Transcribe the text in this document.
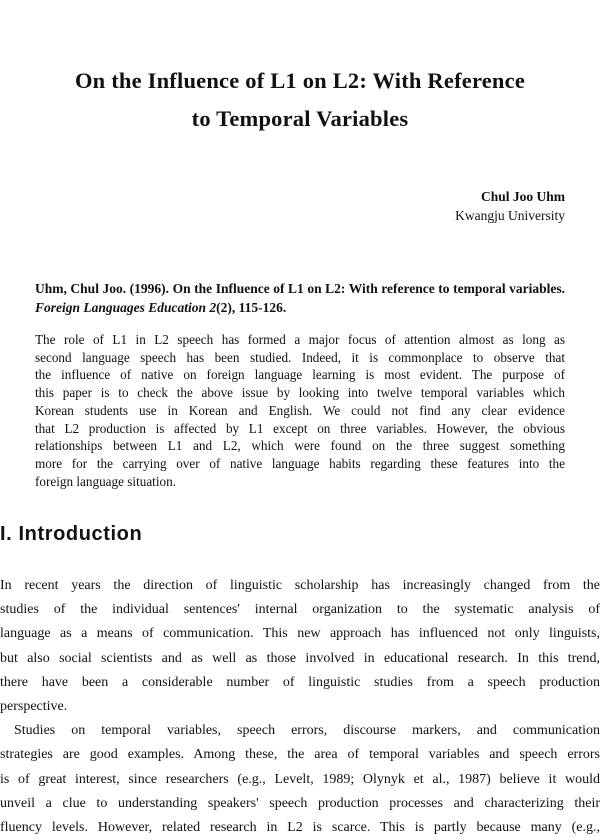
On the Influence of L1 on L2: With Reference
to Temporal Variables
Chul Joo Uhm
Kwangju University
Uhm, Chul Joo. (1996). On the Influence of L1 on L2: With reference to temporal variables. Foreign Languages Education 2(2), 115-126.
The role of L1 in L2 speech has formed a major focus of attention almost as long as
second language speech has been studied. Indeed, it is commonplace to observe that
the influence of native on foreign language learning is most evident. The purpose of
this paper is to check the above issue by looking into twelve temporal variables which
Korean students use in Korean and English. We could not find any clear evidence
that L2 production is affected by L1 except on three variables. However, the obvious
relationships between L1 and L2, which were found on the three suggest something
more for the carrying over of native language habits regarding these features into the
foreign language situation.
I. Introduction
In recent years the direction of linguistic scholarship has increasingly changed from the
studies of the individual sentences' internal organization to the systematic analysis of
language as a means of communication. This new approach has influenced not only linguists,
but also social scientists and as well as those involved in educational research. In this trend,
there have been a considerable number of linguistic studies from a speech production
perspective.
Studies on temporal variables, speech errors, discourse markers, and communication
strategies are good examples. Among these, the area of temporal variables and speech errors
is of great interest, since researchers (e.g., Levelt, 1989; Olynyk et al., 1987) believe it would
unveil a clue to understanding speakers' speech production processes and characterizing their
fluency levels. However, related research in L2 is scarce. This is partly because many (e.g.,
